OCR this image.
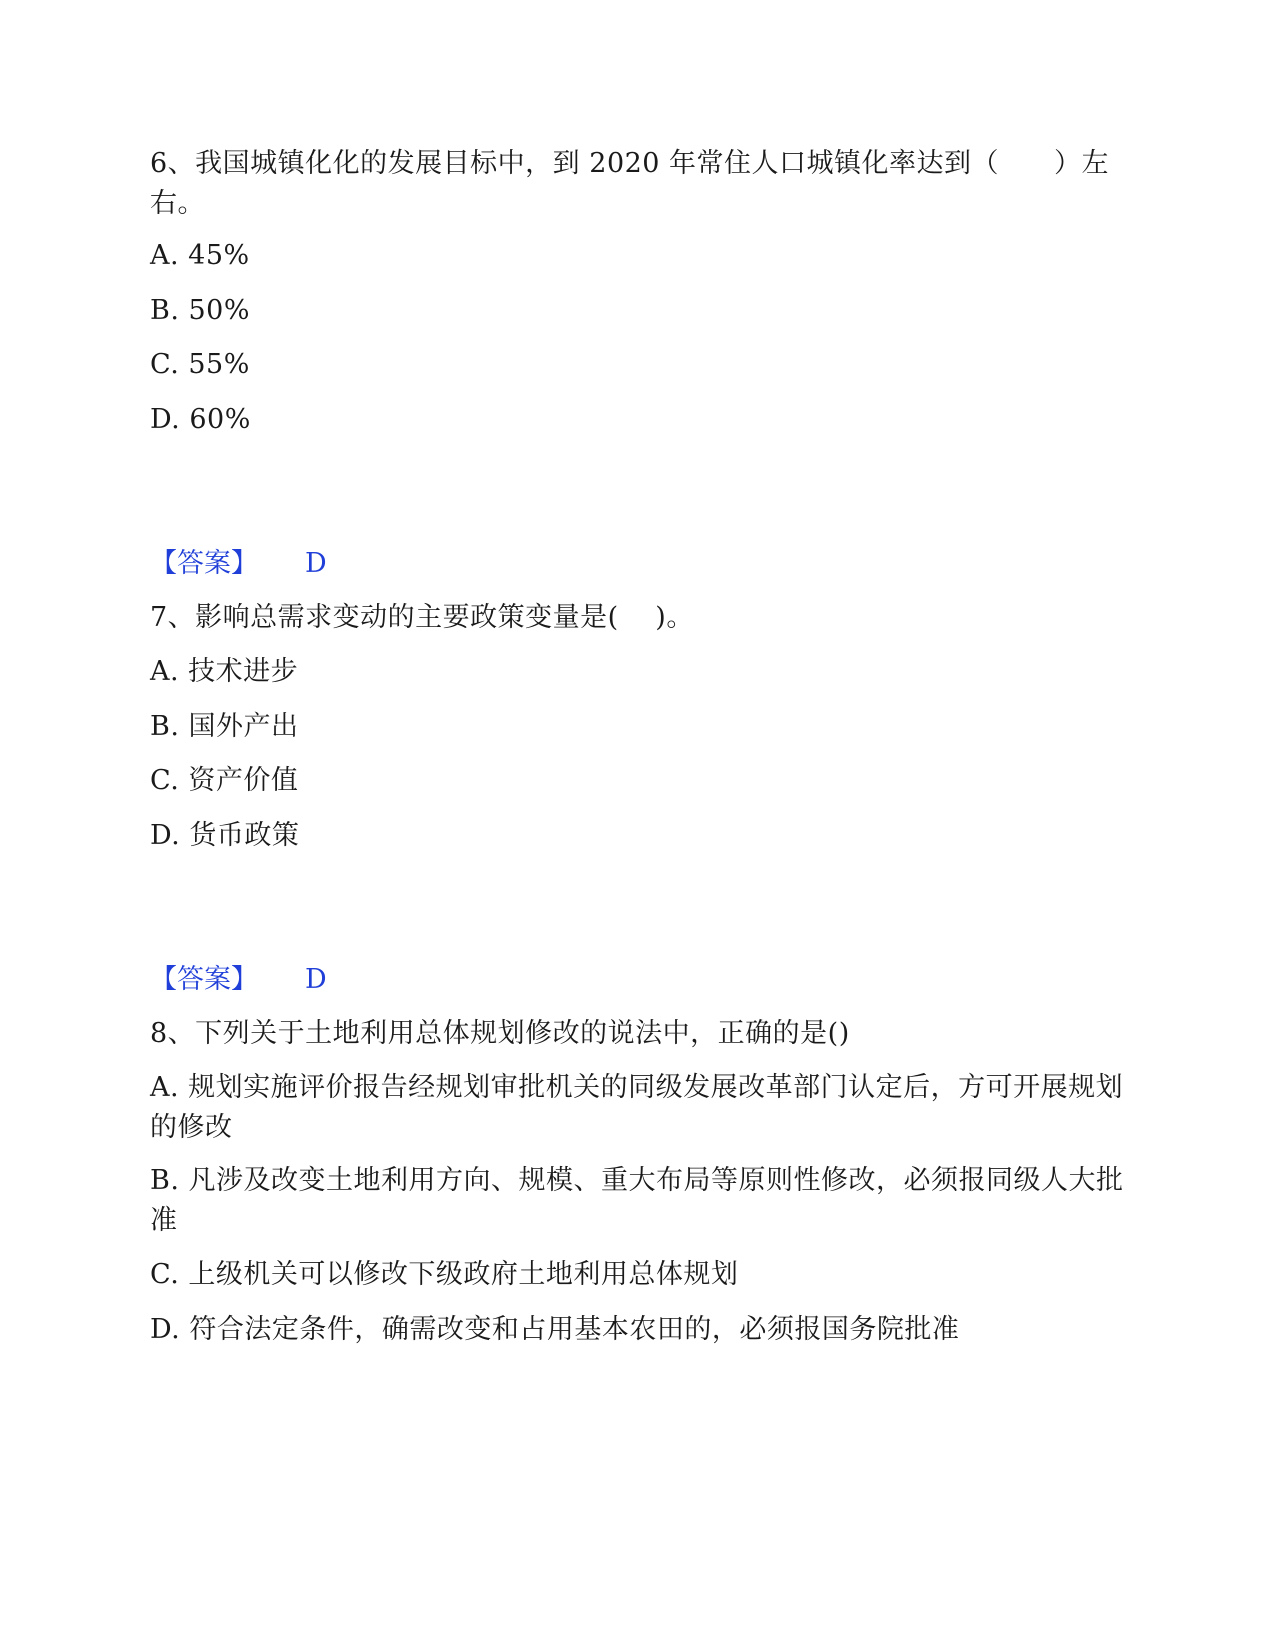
6、我国城镇化化的发展目标中，到 2020 年常住人口城镇化率达到（　　）左右。
A. 45%
B. 50%
C. 55%
D. 60%
【答案】	D
7、影响总需求变动的主要政策变量是(　 )。
A. 技术进步
B. 国外产出
C. 资产价值
D. 货币政策
【答案】	D
8、下列关于土地利用总体规划修改的说法中，正确的是()
A. 规划实施评价报告经规划审批机关的同级发展改革部门认定后，方可开展规划的修改
B. 凡涉及改变土地利用方向、规模、重大布局等原则性修改，必须报同级人大批准
C. 上级机关可以修改下级政府土地利用总体规划
D. 符合法定条件，确需改变和占用基本农田的，必须报国务院批准
